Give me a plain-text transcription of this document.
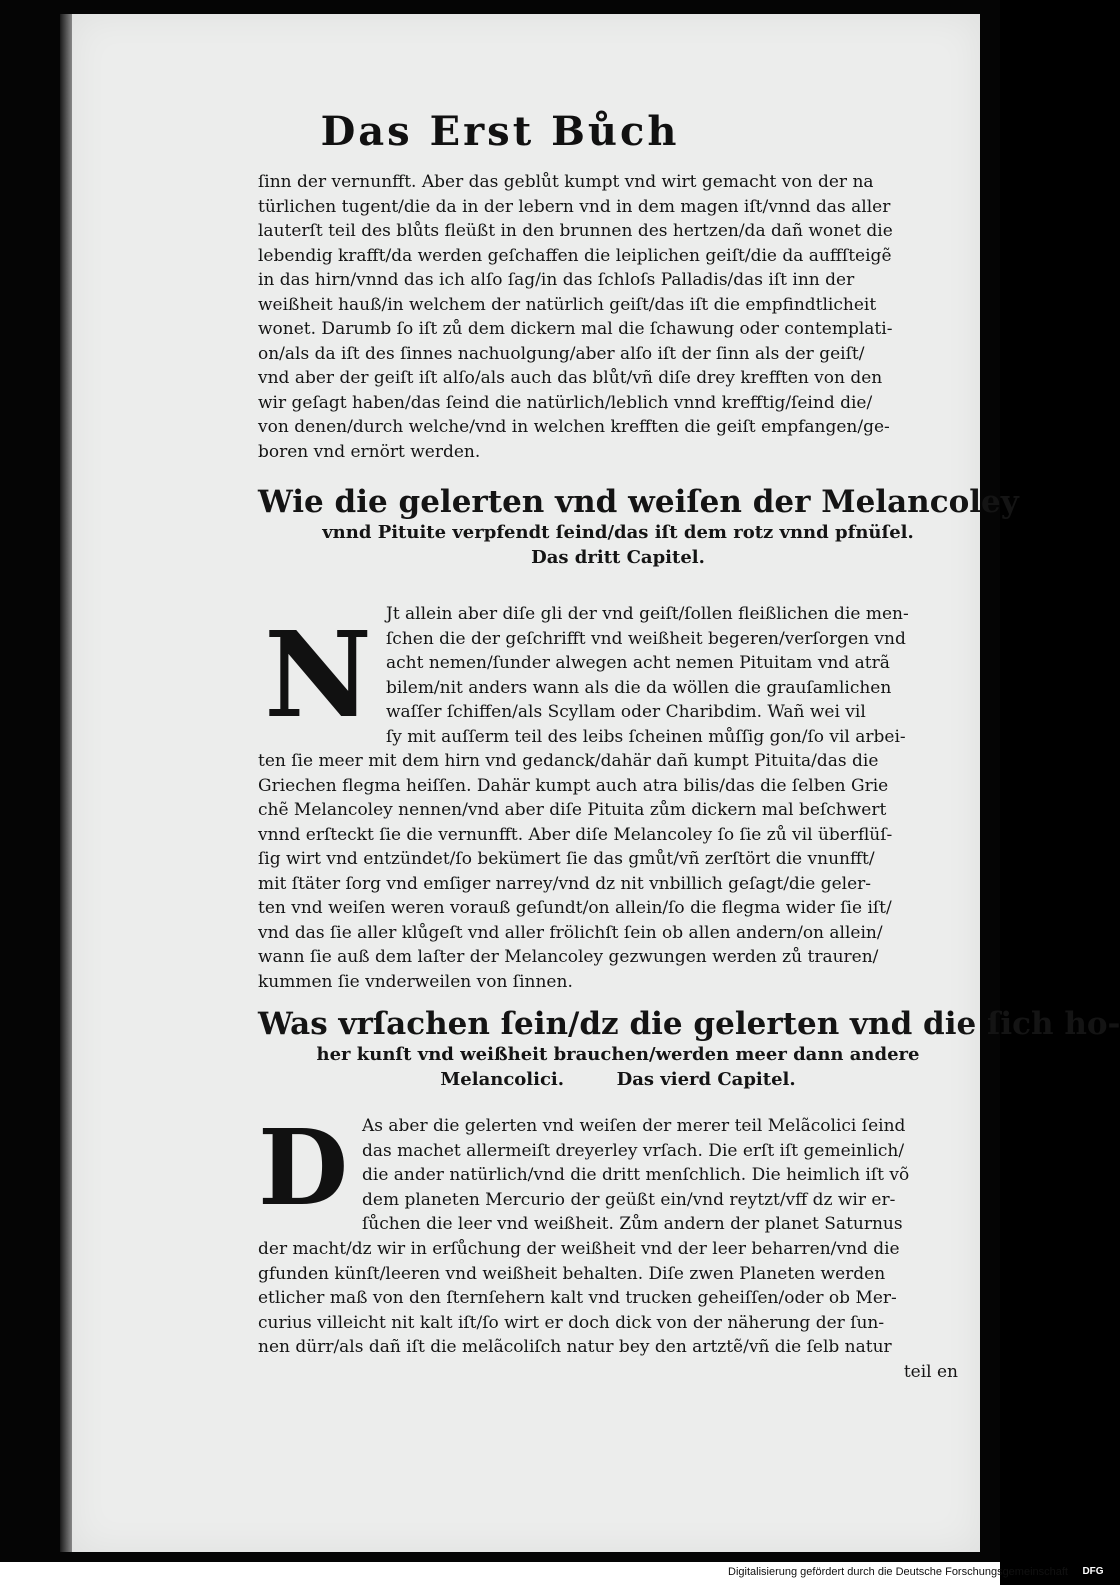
Das Erst Bůch
ſinn der vernunfft. Aber das geblůt kumpt vnd wirt gemacht von der na
türlichen tugent/die da in der lebern vnd in dem magen iſt/vnnd das aller
lauterſt teil des blůts fleüßt in den brunnen des hertzen/da dañ wonet die
lebendig krafft/da werden geſchaffen die leiplichen geiſt/die da auffſteigẽ
in das hirn/vnnd das ich alſo ſag/in das ſchloſs Palladis/das iſt inn der
weißheit hauß/in welchem der natürlich geiſt/das iſt die empfindtlicheit
wonet. Darumb ſo iſt zů dem dickern mal die ſchawung oder contemplati-
on/als da iſt des ſinnes nachuolgung/aber alſo iſt der ſinn als der geiſt/
vnd aber der geiſt iſt alſo/als auch das blůt/vñ diſe drey krefften von den
wir geſagt haben/das ſeind die natürlich/leblich vnnd krefftig/ſeind die/
von denen/durch welche/vnd in welchen krefften die geiſt empfangen/ge-
boren vnd ernört werden.
Wie die gelerten vnd weiſen der Melancoley
vnnd Pituite verpfendt ſeind/das iſt dem rotz vnnd pfnüſel.
Das dritt Capitel.
N Jt allein aber diſe gli der vnd geiſt/ſollen fleißlichen die men-
ſchen die der geſchrifft vnd weißheit begeren/verſorgen vnd
acht nemen/ſunder alwegen acht nemen Pituitam vnd atrã
bilem/nit anders wann als die da wöllen die grauſamlichen
waſſer ſchiffen/als Scyllam oder Charibdim. Wañ wei vil
ſy mit auſſerm teil des leibs ſcheinen můſſig gon/ſo vil arbei-
ten ſie meer mit dem hirn vnd gedanck/dahär dañ kumpt Pituita/das die
Griechen flegma heiſſen. Dahär kumpt auch atra bilis/das die ſelben Grie
chẽ Melancoley nennen/vnd aber diſe Pituita zům dickern mal beſchwert
vnnd erſteckt ſie die vernunfft. Aber diſe Melancoley ſo ſie zů vil überflüſ-
ſig wirt vnd entzündet/ſo bekümert ſie das gmůt/vñ zerſtört die vnunfft/
mit ſtäter ſorg vnd emſiger narrey/vnd dz nit vnbillich geſagt/die geler-
ten vnd weiſen weren vorauß geſundt/on allein/ſo die flegma wider ſie iſt/
vnd das ſie aller klůgeſt vnd aller frölichſt ſein ob allen andern/on allein/
wann ſie auß dem laſter der Melancoley gezwungen werden zů trauren/
kummen ſie vnderweilen von ſinnen.
Was vrſachen ſein/dz die gelerten vnd die ſich ho-
her kunſt vnd weißheit brauchen/werden meer dann andere
Melancolici.	Das vierd Capitel.
D As aber die gelerten vnd weiſen der merer teil Melãcolici ſeind
das machet allermeiſt dreyerley vrſach. Die erſt iſt gemeinlich/
die ander natürlich/vnd die dritt menſchlich. Die heimlich iſt võ
dem planeten Mercurio der geüßt ein/vnd reytzt/vff dz wir er-
ſůchen die leer vnd weißheit. Zům andern der planet Saturnus
der macht/dz wir in erſůchung der weißheit vnd der leer beharren/vnd die
gfunden künſt/leeren vnd weißheit behalten. Diſe zwen Planeten werden
etlicher maß von den ſternſehern kalt vnd trucken geheiſſen/oder ob Mer-
curius villeicht nit kalt iſt/ſo wirt er doch dick von der näherung der ſun-
nen dürr/als dañ iſt die melãcoliſch natur bey den artztẽ/vñ die ſelb natur
teil en
Digitalisierung gefördert durch die Deutsche Forschungsgemeinschaft	DFG
